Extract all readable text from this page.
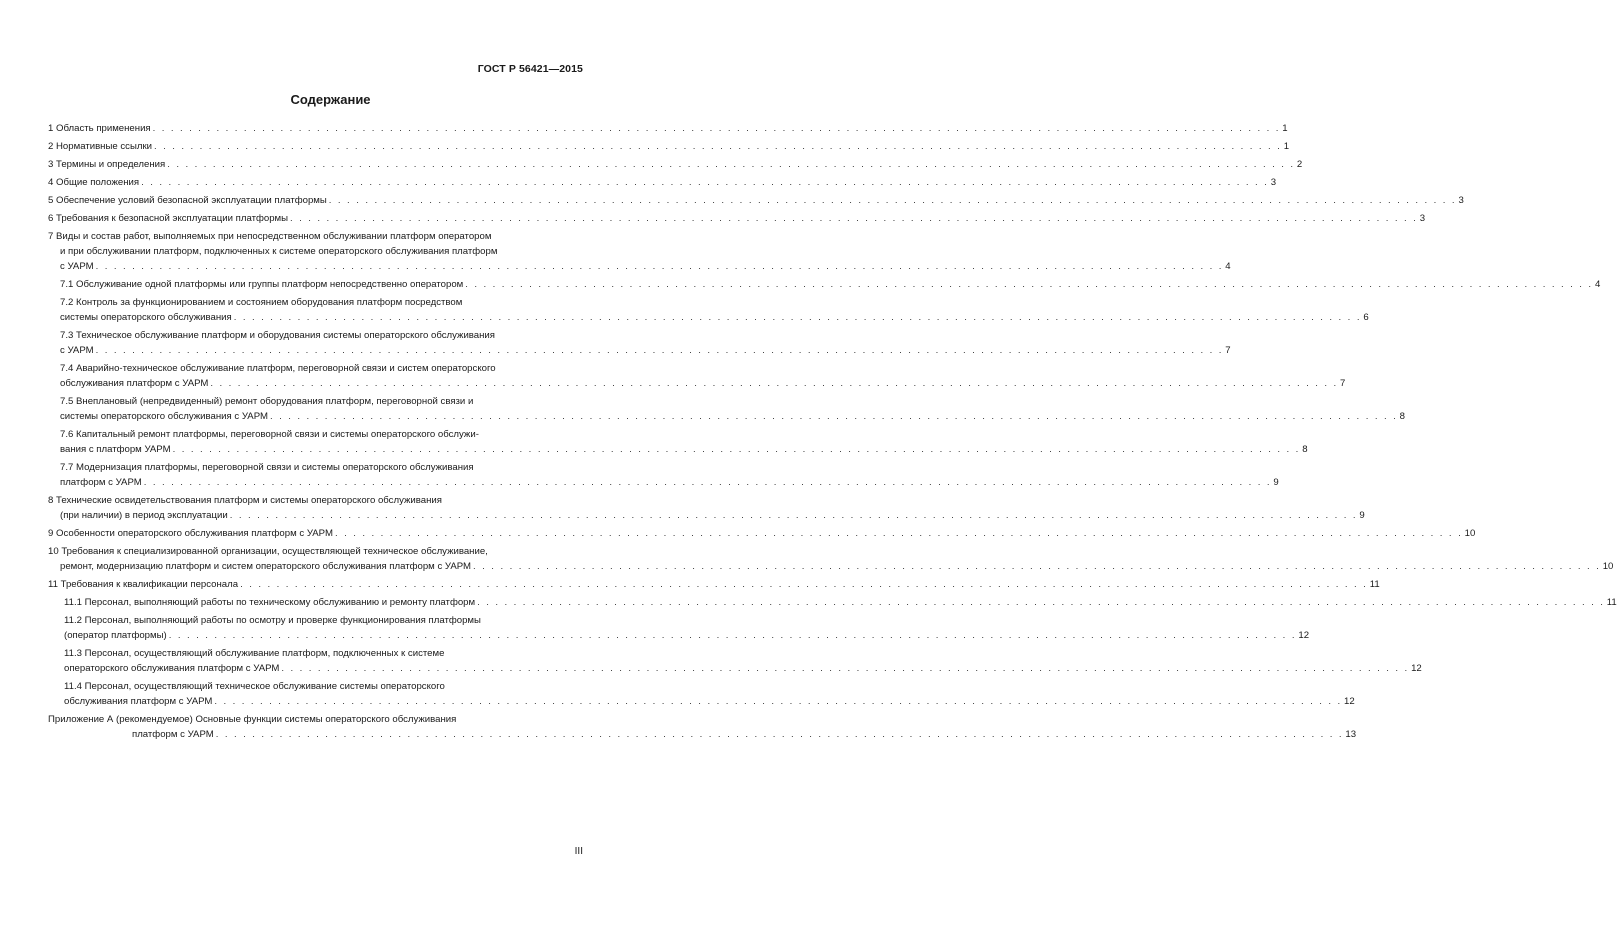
ГОСТ Р 56421—2015
Содержание
1 Область применения . . . . . . . . . . . . . . . . . . . . . . . . . . . . . . . . . . . . . . . . . . . . . . . . . . . . . . . . . . . . . . . . . . . . . . . . . . . . . . . . . . . . . . . . . . . . . . . . . . . . . . . . . . . . . . . . . . . . . . . . . . . . 1
2 Нормативные ссылки . . . . . . . . . . . . . . . . . . . . . . . . . . . . . . . . . . . . . . . . . . . . . . . . . . . . . . . . . . . . . . . . . . . . . . . . . . . . . . . . . . . . . . . . . . . . . . . . . . . . . . . . . . . . . . . . . . . . . . . . . . . . 1
3 Термины и определения . . . . . . . . . . . . . . . . . . . . . . . . . . . . . . . . . . . . . . . . . . . . . . . . . . . . . . . . . . . . . . . . . . . . . . . . . . . . . . . . . . . . . . . . . . . . . . . . . . . . . . . . . . . . . . . . . . . . . . . . . . . . 2
4 Общие положения . . . . . . . . . . . . . . . . . . . . . . . . . . . . . . . . . . . . . . . . . . . . . . . . . . . . . . . . . . . . . . . . . . . . . . . . . . . . . . . . . . . . . . . . . . . . . . . . . . . . . . . . . . . . . . . . . . . . . . . . . . . . 3
5 Обеспечение условий безопасной эксплуатации платформы . . . . . . . . . . . . . . . . . . . . . . . . . . . . . . . . . . . . . . . . . . . . . . . . . . . . . . . . . . . . . . . . . . . . . . . . . . . . . . . . . . . . . . . . . . . . . . . . . . . . . . . . . . . . . . . . . . . . . . . . . . . . 3
6 Требования к безопасной эксплуатации платформы . . . . . . . . . . . . . . . . . . . . . . . . . . . . . . . . . . . . . . . . . . . . . . . . . . . . . . . . . . . . . . . . . . . . . . . . . . . . . . . . . . . . . . . . . . . . . . . . . . . . . . . . . . . . . . . . . . . . . . . . . . . . 3
7 Виды и состав работ, выполняемых при непосредственном обслуживании платформ оператором
и при обслуживании платформ, подключенных к системе операторского обслуживания платформ
с УАРМ . . . . . . . . . . . . . . . . . . . . . . . . . . . . . . . . . . . . . . . . . . . . . . . . . . . . . . . . . . . . . . . . . . . . . . . . . . . . . . . . . . . . . . . . . . . . . . . . . . . . . . . . . . . . . . . . . . . . . . . . . . . . 4
7.1 Обслуживание одной платформы или группы платформ непосредственно оператором . . . . . . . . . . . . . . . . . . . . . . . . . . . . . . . . . . . . . . . . . . . . . . . . . . . . . . . . . . . . . . . . . . . . . . . . . . . . . . . . . . . . . . . . . . . . . . . . . . . . . . . . . . . . . . . . . . . . . . . . . . . . 4
7.2 Контроль за функционированием и состоянием оборудования платформ посредством
системы операторского обслуживания . . . . . . . . . . . . . . . . . . . . . . . . . . . . . . . . . . . . . . . . . . . . . . . . . . . . . . . . . . . . . . . . . . . . . . . . . . . . . . . . . . . . . . . . . . . . . . . . . . . . . . . . . . . . . . . . . . . . . . . . . . . . 6
7.3 Техническое обслуживание платформ и оборудования системы операторского обслуживания
с УАРМ . . . . . . . . . . . . . . . . . . . . . . . . . . . . . . . . . . . . . . . . . . . . . . . . . . . . . . . . . . . . . . . . . . . . . . . . . . . . . . . . . . . . . . . . . . . . . . . . . . . . . . . . . . . . . . . . . . . . . . . . . . . . 7
7.4 Аварийно-техническое обслуживание платформ, переговорной связи и систем операторского
обслуживания платформ с УАРМ . . . . . . . . . . . . . . . . . . . . . . . . . . . . . . . . . . . . . . . . . . . . . . . . . . . . . . . . . . . . . . . . . . . . . . . . . . . . . . . . . . . . . . . . . . . . . . . . . . . . . . . . . . . . . . . . . . . . . . . . . . . . 7
7.5 Внеплановый (непредвиденный) ремонт оборудования платформ, переговорной связи и
системы операторского обслуживания с УАРМ . . . . . . . . . . . . . . . . . . . . . . . . . . . . . . . . . . . . . . . . . . . . . . . . . . . . . . . . . . . . . . . . . . . . . . . . . . . . . . . . . . . . . . . . . . . . . . . . . . . . . . . . . . . . . . . . . . . . . . . . . . . . 8
7.6 Капитальный ремонт платформы, переговорной связи и системы операторского обслужи-
вания с платформ УАРМ . . . . . . . . . . . . . . . . . . . . . . . . . . . . . . . . . . . . . . . . . . . . . . . . . . . . . . . . . . . . . . . . . . . . . . . . . . . . . . . . . . . . . . . . . . . . . . . . . . . . . . . . . . . . . . . . . . . . . . . . . . . . 8
7.7 Модернизация платформы, переговорной связи и системы операторского обслуживания
платформ с УАРМ . . . . . . . . . . . . . . . . . . . . . . . . . . . . . . . . . . . . . . . . . . . . . . . . . . . . . . . . . . . . . . . . . . . . . . . . . . . . . . . . . . . . . . . . . . . . . . . . . . . . . . . . . . . . . . . . . . . . . . . . . . . . 9
8 Технические освидетельствования платформ и системы операторского обслуживания
(при наличии) в период эксплуатации . . . . . . . . . . . . . . . . . . . . . . . . . . . . . . . . . . . . . . . . . . . . . . . . . . . . . . . . . . . . . . . . . . . . . . . . . . . . . . . . . . . . . . . . . . . . . . . . . . . . . . . . . . . . . . . . . . . . . . . . . . . . 9
9 Особенности операторского обслуживания платформ с УАРМ . . . . . . . . . . . . . . . . . . . . . . . . . . . . . . . . . . . . . . . . . . . . . . . . . . . . . . . . . . . . . . . . . . . . . . . . . . . . . . . . . . . . . . . . . . . . . . . . . . . . . . . . . . . . . . . . . . . . . . . . . . . . 10
10 Требования к специализированной организации, осуществляющей техническое обслуживание,
ремонт, модернизацию платформ и систем операторского обслуживания платформ с УАРМ . . . . . . . . . . . . . . . . . . . . . . . . . . . . . . . . . . . . . . . . . . . . . . . . . . . . . . . . . . . . . . . . . . . . . . . . . . . . . . . . . . . . . . . . . . . . . . . . . . . . . . . . . . . . . . . . . . . . . . . . . . . . 10
11 Требования к квалификации персонала . . . . . . . . . . . . . . . . . . . . . . . . . . . . . . . . . . . . . . . . . . . . . . . . . . . . . . . . . . . . . . . . . . . . . . . . . . . . . . . . . . . . . . . . . . . . . . . . . . . . . . . . . . . . . . . . . . . . . . . . . . . . 11
11.1 Персонал, выполняющий работы по техническому обслуживанию и ремонту платформ . . . . . . . . . . . . . . . . . . . . . . . . . . . . . . . . . . . . . . . . . . . . . . . . . . . . . . . . . . . . . . . . . . . . . . . . . . . . . . . . . . . . . . . . . . . . . . . . . . . . . . . . . . . . . . . . . . . . . . . . . . . . 11
11.2 Персонал, выполняющий работы по осмотру и проверке функционирования платформы
(оператор платформы) . . . . . . . . . . . . . . . . . . . . . . . . . . . . . . . . . . . . . . . . . . . . . . . . . . . . . . . . . . . . . . . . . . . . . . . . . . . . . . . . . . . . . . . . . . . . . . . . . . . . . . . . . . . . . . . . . . . . . . . . . . . . 12
11.3 Персонал, осуществляющий обслуживание платформ, подключенных к системе
операторского обслуживания платформ с УАРМ . . . . . . . . . . . . . . . . . . . . . . . . . . . . . . . . . . . . . . . . . . . . . . . . . . . . . . . . . . . . . . . . . . . . . . . . . . . . . . . . . . . . . . . . . . . . . . . . . . . . . . . . . . . . . . . . . . . . . . . . . . . . 12
11.4 Персонал, осуществляющий техническое обслуживание системы операторского
обслуживания платформ с УАРМ . . . . . . . . . . . . . . . . . . . . . . . . . . . . . . . . . . . . . . . . . . . . . . . . . . . . . . . . . . . . . . . . . . . . . . . . . . . . . . . . . . . . . . . . . . . . . . . . . . . . . . . . . . . . . . . . . . . . . . . . . . . . 12
Приложение А (рекомендуемое) Основные функции системы операторского обслуживания
платформ с УАРМ . . . . . . . . . . . . . . . . . . . . . . . . . . . . . . . . . . . . . . . . . . . . . . . . . . . . . . . . . . . . . . . . . . . . . . . . . . . . . . . . . . . . . . . . . . . . . . . . . . . . . . . . . . . . . . . . . . . . . . . . . . . . 13
III
